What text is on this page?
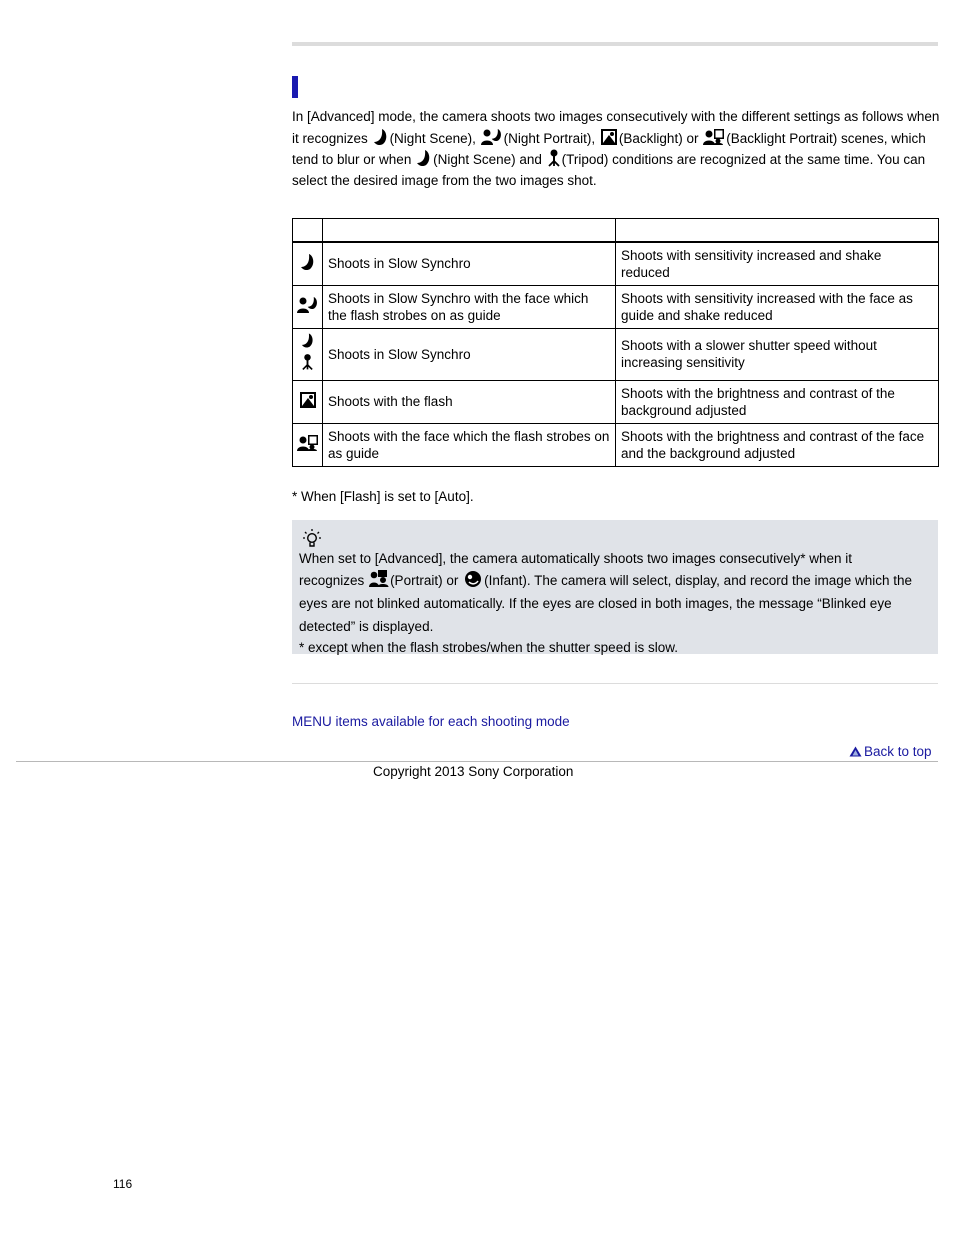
In [Advanced] mode, the camera shoots two images consecutively with the different settings as follows when it recognizes (Night Scene), (Night Portrait), (Backlight) or (Backlight Portrait) scenes, which tend to blur or when (Night Scene) and (Tripod) conditions are recognized at the same time. You can select the desired image from the two images shot.

	Shoots in Slow Synchro	Shoots with sensitivity increased and shake reduced
	Shoots in Slow Synchro with the face which the flash strobes on as guide	Shoots with sensitivity increased with the face as guide and shake reduced
	Shoots in Slow Synchro	Shoots with a slower shutter speed without increasing sensitivity
	Shoots with the flash	Shoots with the brightness and contrast of the background adjusted
	Shoots with the face which the flash strobes on as guide	Shoots with the brightness and contrast of the face and the background adjusted
* When [Flash] is set to [Auto].
When set to [Advanced], the camera automatically shoots two images consecutively* when it
recognizes (Portrait) or (Infant). The camera will select, display, and record the image which the eyes are not blinked automatically. If the eyes are closed in both images, the message “Blinked eye detected” is displayed.
* except when the flash strobes/when the shutter speed is slow.
MENU items available for each shooting mode
Back to top
Copyright 2013 Sony Corporation
116
